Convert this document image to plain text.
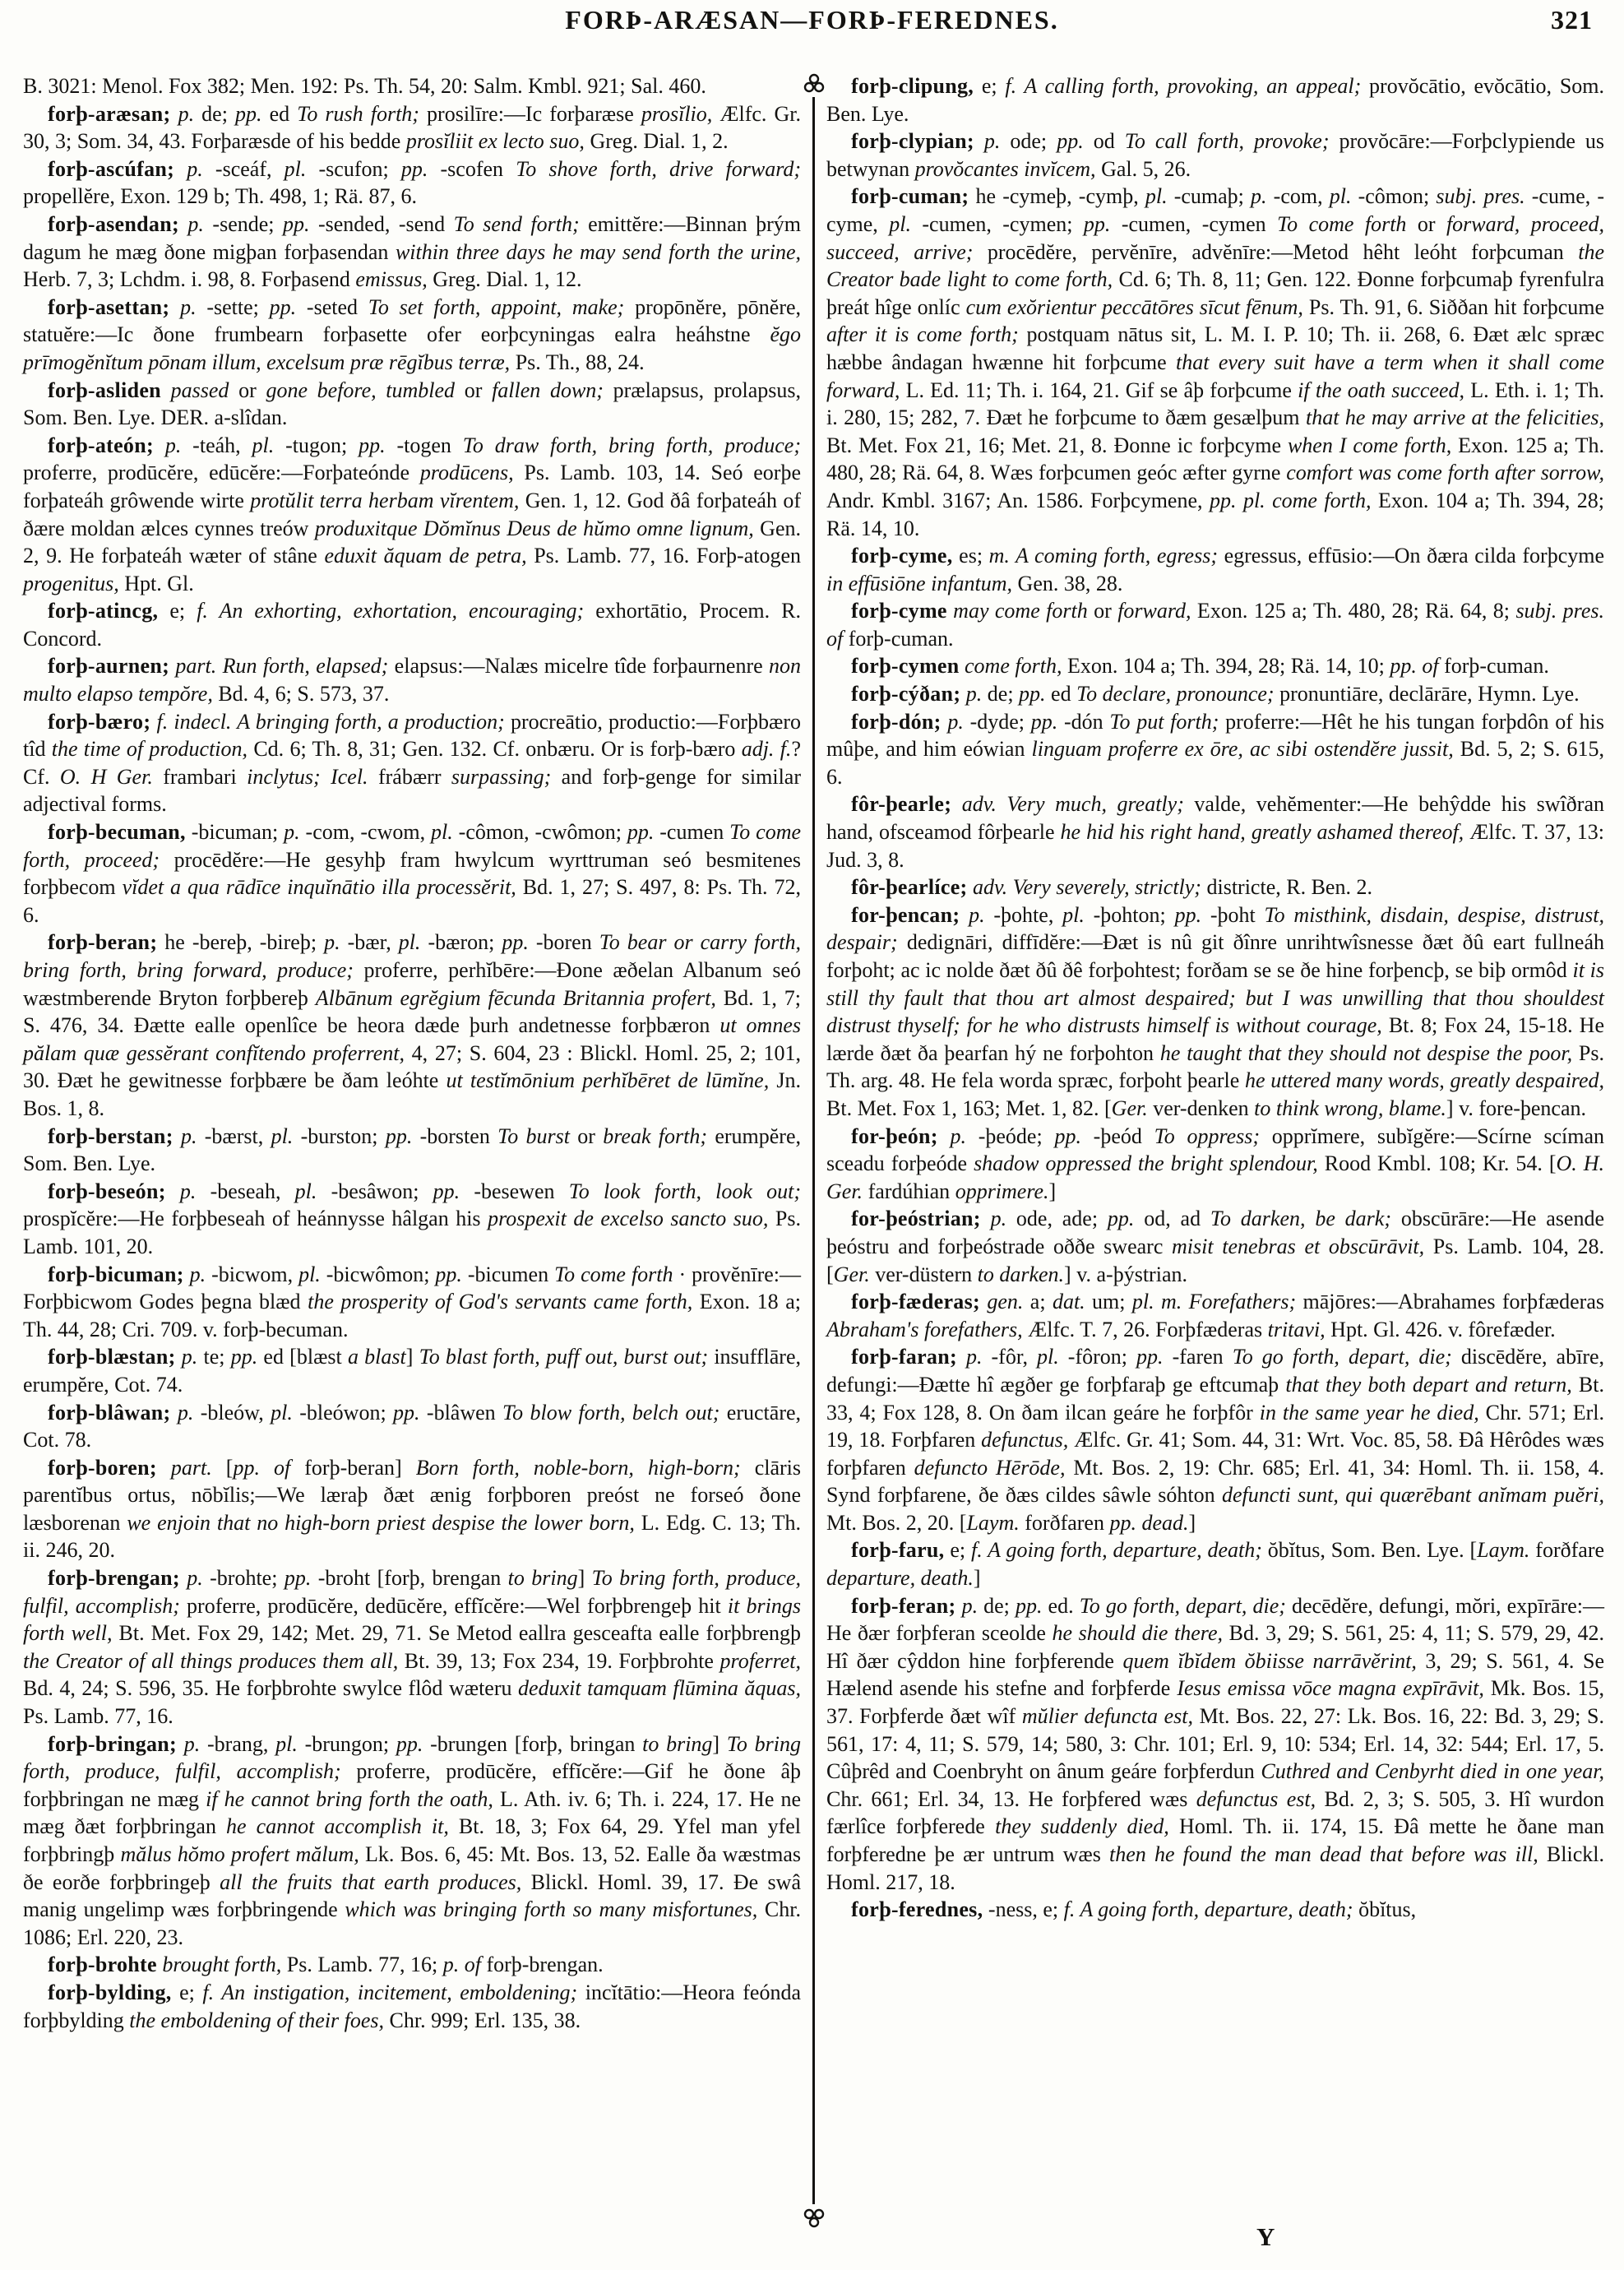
FORÞ-ARÆSAN—FORÞ-FEREDNES.	321

B. 3021: Menol. Fox 382; Men. 192: Ps. Th. 54, 20: Salm. Kmbl. 921; Sal. 460.

forþ-aræsan; p. de; pp. ed To rush forth; prosilīre:—Ic forþaræse prosĭlio, Ælfc. Gr. 30, 3; Som. 34, 43. Forþaræsde of his bedde prosĭliit ex lecto suo, Greg. Dial. 1, 2.

forþ-ascúfan; p. -sceáf, pl. -scufon; pp. -scofen To shove forth, drive forward; propellĕre, Exon. 129 b; Th. 498, 1; Rä. 87, 6.

forþ-asendan; p. -sende; pp. -sended, -send To send forth; emittĕre:—Binnan þrým dagum he mæg ðone migþan forþasendan within three days he may send forth the urine, Herb. 7, 3; Lchdm. i. 98, 8. Forþasend emissus, Greg. Dial. 1, 12.

forþ-asettan; p. -sette; pp. -seted To set forth, appoint, make; propōnĕre, pōnĕre, statuĕre:—Ic ðone frumbearn forþasette ofer eorþcyningas ealra heáhstne ĕgo prīmogĕnĭtum pōnam illum, excelsum præ rēgĭbus terræ, Ps. Th., 88, 24.

forþ-asliden passed or gone before, tumbled or fallen down; prælapsus, prolapsus, Som. Ben. Lye. DER. a-slîdan.

forþ-ateón; p. -teáh, pl. -tugon; pp. -togen To draw forth, bring forth, produce; proferre, prodūcĕre, edūcĕre:—Forþateónde prodūcens, Ps. Lamb. 103, 14. Seó eorþe forþateáh grôwende wirte protŭlit terra herbam vĭrentem, Gen. 1, 12. God ðâ forþateáh of ðære moldan ælces cynnes treów produxitque Dŏmĭnus Deus de hŭmo omne lignum, Gen. 2, 9. He forþateáh wæter of stâne eduxit ăquam de petra, Ps. Lamb. 77, 16. Forþ-atogen progenitus, Hpt. Gl.

forþ-atincg, e; f. An exhorting, exhortation, encouraging; exhortātio, Procem. R. Concord.

forþ-aurnen; part. Run forth, elapsed; elapsus:—Nalæs micelre tîde forþaurnenre non multo elapso tempŏre, Bd. 4, 6; S. 573, 37.

forþ-bæro; f. indecl. A bringing forth, a production; procreātio, productio:—Forþbæro tîd the time of production, Cd. 6; Th. 8, 31; Gen. 132. Cf. onbæru. Or is forþ-bæro adj. f.? Cf. O. H Ger. frambari inclytus; Icel. frábærr surpassing; and forþ-genge for similar adjectival forms.

forþ-becuman, -bicuman; p. -com, -cwom, pl. -cômon, -cwômon; pp. -cumen To come forth, proceed; procēdĕre:—He gesyhþ fram hwylcum wyrttruman seó besmitenes forþbecom vĭdet a qua rādīce inquĭnātio illa processĕrit, Bd. 1, 27; S. 497, 8: Ps. Th. 72, 6.

forþ-beran; he -bereþ, -bireþ; p. -bær, pl. -bæron; pp. -boren To bear or carry forth, bring forth, bring forward, produce; proferre, perhĭbēre:—Ðone æðelan Albanum seó wæstmberende Bryton forþbereþ Albānum egrĕgium fēcunda Britannia profert, Bd. 1, 7; S. 476, 34. Ðætte ealle openlîce be heora dæde þurh andetnesse forþbæron ut omnes pălam quæ gessĕrant confĭtendo proferrent, 4, 27; S. 604, 23 : Blickl. Homl. 25, 2; 101, 30. Ðæt he gewitnesse forþbære be ðam leóhte ut testĭmōnium perhĭbēret de lūmĭne, Jn. Bos. 1, 8.

forþ-berstan; p. -bærst, pl. -burston; pp. -borsten To burst or break forth; erumpĕre, Som. Ben. Lye.

forþ-beseón; p. -beseah, pl. -besâwon; pp. -besewen To look forth, look out; prospĭcĕre:—He forþbeseah of heánnysse hâlgan his prospexit de excelso sancto suo, Ps. Lamb. 101, 20.

forþ-bicuman; p. -bicwom, pl. -bicwômon; pp. -bicumen To come forth · provĕnīre:—Forþbicwom Godes þegna blæd the prosperity of God's servants came forth, Exon. 18 a; Th. 44, 28; Cri. 709. v. forþ-becuman.

forþ-blæstan; p. te; pp. ed [blæst a blast] To blast forth, puff out, burst out; insufflāre, erumpĕre, Cot. 74.

forþ-blâwan; p. -bleów, pl. -bleówon; pp. -blâwen To blow forth, belch out; eructāre, Cot. 78.

forþ-boren; part. [pp. of forþ-beran] Born forth, noble-born, high-born; clāris parentĭbus ortus, nōbĭlis;—We læraþ ðæt ænig forþboren preóst ne forseó ðone læsborenan we enjoin that no high-born priest despise the lower born, L. Edg. C. 13; Th. ii. 246, 20.

forþ-brengan; p. -brohte; pp. -broht [forþ, brengan to bring] To bring forth, produce, fulfil, accomplish; proferre, prodūcĕre, dedūcĕre, effĭcĕre:—Wel forþbrengeþ hit it brings forth well, Bt. Met. Fox 29, 142; Met. 29, 71. Se Metod eallra gesceafta ealle forþbrengþ the Creator of all things produces them all, Bt. 39, 13; Fox 234, 19. Forþbrohte proferret, Bd. 4, 24; S. 596, 35. He forþbrohte swylce flôd wæteru deduxit tamquam flūmina ăquas, Ps. Lamb. 77, 16.

forþ-bringan; p. -brang, pl. -brungon; pp. -brungen [forþ, bringan to bring] To bring forth, produce, fulfil, accomplish; proferre, prodūcĕre, effĭcĕre:—Gif he ðone âþ forþbringan ne mæg if he cannot bring forth the oath, L. Ath. iv. 6; Th. i. 224, 17. He ne mæg ðæt forþbringan he cannot accomplish it, Bt. 18, 3; Fox 64, 29. Yfel man yfel forþbringþ mălus hŏmo profert mălum, Lk. Bos. 6, 45: Mt. Bos. 13, 52. Ealle ða wæstmas ðe eorðe forþbringeþ all the fruits that earth produces, Blickl. Homl. 39, 17. Ðe swâ manig ungelimp wæs forþbringende which was bringing forth so many misfortunes, Chr. 1086; Erl. 220, 23.

forþ-brohte brought forth, Ps. Lamb. 77, 16; p. of forþ-brengan.

forþ-bylding, e; f. An instigation, incitement, emboldening; incĭtātio:—Heora feónda forþbylding the emboldening of their foes, Chr. 999; Erl. 135, 38.

forþ-clipung, e; f. A calling forth, provoking, an appeal; provŏcātio, evŏcātio, Som. Ben. Lye.

forþ-clypian; p. ode; pp. od To call forth, provoke; provŏcāre:—Forþclypiende us betwynan provŏcantes invĭcem, Gal. 5, 26.

forþ-cuman; he -cymeþ, -cymþ, pl. -cumaþ; p. -com, pl. -cômon; subj. pres. -cume, -cyme, pl. -cumen, -cymen; pp. -cumen, -cymen To come forth or forward, proceed, succeed, arrive; procēdĕre, pervĕnīre, advĕnīre:—Metod hêht leóht forþcuman the Creator bade light to come forth, Cd. 6; Th. 8, 11; Gen. 122. Ðonne forþcumaþ fyrenfulra þreát hîge onlíc cum exŏrientur peccātōres sīcut fēnum, Ps. Th. 91, 6. Siððan hit forþcume after it is come forth; postquam nātus sit, L. M. I. P. 10; Th. ii. 268, 6. Ðæt ælc spræc hæbbe ândagan hwænne hit forþcume that every suit have a term when it shall come forward, L. Ed. 11; Th. i. 164, 21. Gif se âþ forþcume if the oath succeed, L. Eth. i. 1; Th. i. 280, 15; 282, 7. Ðæt he forþcume to ðæm gesælþum that he may arrive at the felicities, Bt. Met. Fox 21, 16; Met. 21, 8. Ðonne ic forþcyme when I come forth, Exon. 125 a; Th. 480, 28; Rä. 64, 8. Wæs forþcumen geóc æfter gyrne comfort was come forth after sorrow, Andr. Kmbl. 3167; An. 1586. Forþcymene, pp. pl. come forth, Exon. 104 a; Th. 394, 28; Rä. 14, 10.

forþ-cyme, es; m. A coming forth, egress; egressus, effūsio:—On ðæra cilda forþcyme in effūsiōne infantum, Gen. 38, 28.

forþ-cyme may come forth or forward, Exon. 125 a; Th. 480, 28; Rä. 64, 8; subj. pres. of forþ-cuman.

forþ-cymen come forth, Exon. 104 a; Th. 394, 28; Rä. 14, 10; pp. of forþ-cuman.

forþ-cýðan; p. de; pp. ed To declare, pronounce; pronuntiāre, declārāre, Hymn. Lye.

forþ-dón; p. -dyde; pp. -dón To put forth; proferre:—Hêt he his tungan forþdôn of his mûþe, and him eówian linguam proferre ex ōre, ac sibi ostendĕre jussit, Bd. 5, 2; S. 615, 6.

fôr-þearle; adv. Very much, greatly; valde, vehĕmenter:—He behŷdde his swîðran hand, ofsceamod fôrþearle he hid his right hand, greatly ashamed thereof, Ælfc. T. 37, 13: Jud. 3, 8.

fôr-þearlíce; adv. Very severely, strictly; districte, R. Ben. 2.

for-þencan; p. -þohte, pl. -þohton; pp. -þoht To misthink, disdain, despise, distrust, despair; dedignāri, diffīdĕre:—Ðæt is nû git ðînre unrihtwîsnesse ðæt ðû eart fullneáh forþoht; ac ic nolde ðæt ðû ðê forþohtest; forðam se se ðe hine forþencþ, se biþ ormôd it is still thy fault that thou art almost despaired; but I was unwilling that thou shouldest distrust thyself; for he who distrusts himself is without courage, Bt. 8; Fox 24, 15-18. He lærde ðæt ða þearfan hý ne forþohton he taught that they should not despise the poor, Ps. Th. arg. 48. He fela worda spræc, forþoht þearle he uttered many words, greatly despaired, Bt. Met. Fox 1, 163; Met. 1, 82. [Ger. ver-denken to think wrong, blame.] v. fore-þencan.

for-þeón; p. -þeóde; pp. -þeód To oppress; opprĭmere, subĭgĕre:—Scírne scíman sceadu forþeóde shadow oppressed the bright splendour, Rood Kmbl. 108; Kr. 54. [O. H. Ger. fardúhian opprimere.]

for-þeóstrian; p. ode, ade; pp. od, ad To darken, be dark; obscūrāre:—He asende þeóstru and forþeóstrade oððe swearc misit tenebras et obscūrāvit, Ps. Lamb. 104, 28. [Ger. ver-düstern to darken.] v. a-þýstrian.

forþ-fæderas; gen. a; dat. um; pl. m. Forefathers; mājōres:—Abrahames forþfæderas Abraham's forefathers, Ælfc. T. 7, 26. Forþfæderas tritavi, Hpt. Gl. 426. v. fôrefæder.

forþ-faran; p. -fôr, pl. -fôron; pp. -faren To go forth, depart, die; discēdĕre, abīre, defungi:—Ðætte hî ægðer ge forþfaraþ ge eftcumaþ that they both depart and return, Bt. 33, 4; Fox 128, 8. On ðam ilcan geáre he forþfôr in the same year he died, Chr. 571; Erl. 19, 18. Forþfaren defunctus, Ælfc. Gr. 41; Som. 44, 31: Wrt. Voc. 85, 58. Ðâ Hêrôdes wæs forþfaren defuncto Hērōde, Mt. Bos. 2, 19: Chr. 685; Erl. 41, 34: Homl. Th. ii. 158, 4. Synd forþfarene, ðe ðæs cildes sâwle sóhton defuncti sunt, qui quærēbant anĭmam puĕri, Mt. Bos. 2, 20. [Laym. forðfaren pp. dead.]

forþ-faru, e; f. A going forth, departure, death; ŏbĭtus, Som. Ben. Lye. [Laym. forðfare departure, death.]

forþ-feran; p. de; pp. ed. To go forth, depart, die; decēdĕre, defungi, mŏri, expīrāre:—He ðær forþferan sceolde he should die there, Bd. 3, 29; S. 561, 25: 4, 11; S. 579, 29, 42. Hî ðær cŷddon hine forþferende quem ĭbĭdem ŏbiisse narrāvĕrint, 3, 29; S. 561, 4. Se Hælend asende his stefne and forþferde Iesus emissa vōce magna expīrāvit, Mk. Bos. 15, 37. Forþferde ðæt wîf mŭlier defuncta est, Mt. Bos. 22, 27: Lk. Bos. 16, 22: Bd. 3, 29; S. 561, 17: 4, 11; S. 579, 14; 580, 3: Chr. 101; Erl. 9, 10: 534; Erl. 14, 32: 544; Erl. 17, 5. Cûþrêd and Coenbryht on ânum geáre forþferdun Cuthred and Cenbyrht died in one year, Chr. 661; Erl. 34, 13. He forþfered wæs defunctus est, Bd. 2, 3; S. 505, 3. Hî wurdon færlîce forþferede they suddenly died, Homl. Th. ii. 174, 15. Ðâ mette he ðane man forþferedne þe ær untrum wæs then he found the man dead that before was ill, Blickl. Homl. 217, 18.

forþ-ferednes, -ness, e; f. A going forth, departure, death; ŏbĭtus,

Y
